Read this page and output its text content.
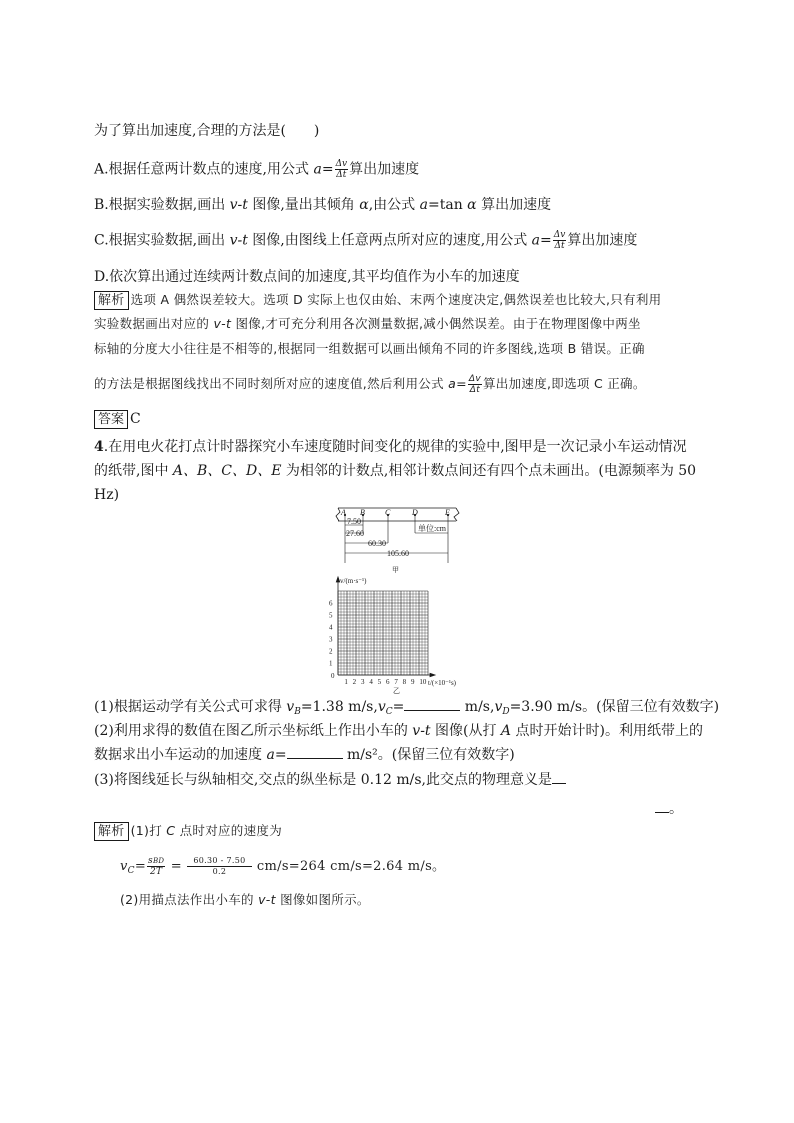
为了算出加速度,合理的方法是(　　)
A.根据任意两计数点的速度,用公式 $a= \frac{\Delta v}{\Delta t}$ 算出加速度
B.根据实验数据,画出 v-t 图像,量出其倾角 α,由公式 a=tan α 算出加速度
C.根据实验数据,画出 v-t 图像,由图线上任意两点所对应的速度,用公式 $a= \frac{\Delta v}{\Delta t}$ 算出加速度
D.依次算出通过连续两计数点间的加速度,其平均值作为小车的加速度
解析 选项 A 偶然误差较大。选项 D 实际上也仅由始、末两个速度决定,偶然误差也比较大,只有利用
实验数据画出对应的 v-t 图像,才可充分利用各次测量数据,减小偶然误差。由于在物理图像中两坐
标轴的分度大小往往是不相等的,根据同一组数据可以画出倾角不同的许多图线,选项 B 错误。正确
的方法是根据图线找出不同时刻所对应的速度值,然后利用公式 $a= \frac{\Delta v}{\Delta t}$ 算出加速度,即选项 C 正确。
答案 C
4.在用电火花打点计时器探究小车速度随时间变化的规律的实验中,图甲是一次记录小车运动情况
的纸带,图中 A、B、C、D、E 为相邻的计数点,相邻计数点间还有四个点未画出。(电源频率为 50
Hz)
A B	C	D	E
7.50
27.60
60.30
105.60
单位:cm
甲
v/(m·s⁻¹)
t/(×10⁻¹s)
0
乙
1
2
3
4
5
6
1 2 3 4 5 6 7 8 9 10
(1)根据运动学有关公式可求得 $v_B=1.38$ $m/s,v_C=$	$m/s,v_D=3.90$ m/s。(保留三位有效数字)
(2)利用求得的数值在图乙所示坐标纸上作出小车的 v-t 图像(从打 A 点时开始计时)。利用纸带上的
数据求出小车运动的加速度 a=	m/s²。(保留三位有效数字)
(3)将图线延长与纵轴相交,交点的纵坐标是 0.12 m/s,此交点的物理意义是
。
解析 (1)打 C 点时对应的速度为
$v_C= \frac{\text{sBD}}{2T} = \frac{60.30 - 7.50}{0.2} cm/s=264$ cm/s=2.64 m/s。
(2)用描点法作出小车的 v-t 图像如图所示。
